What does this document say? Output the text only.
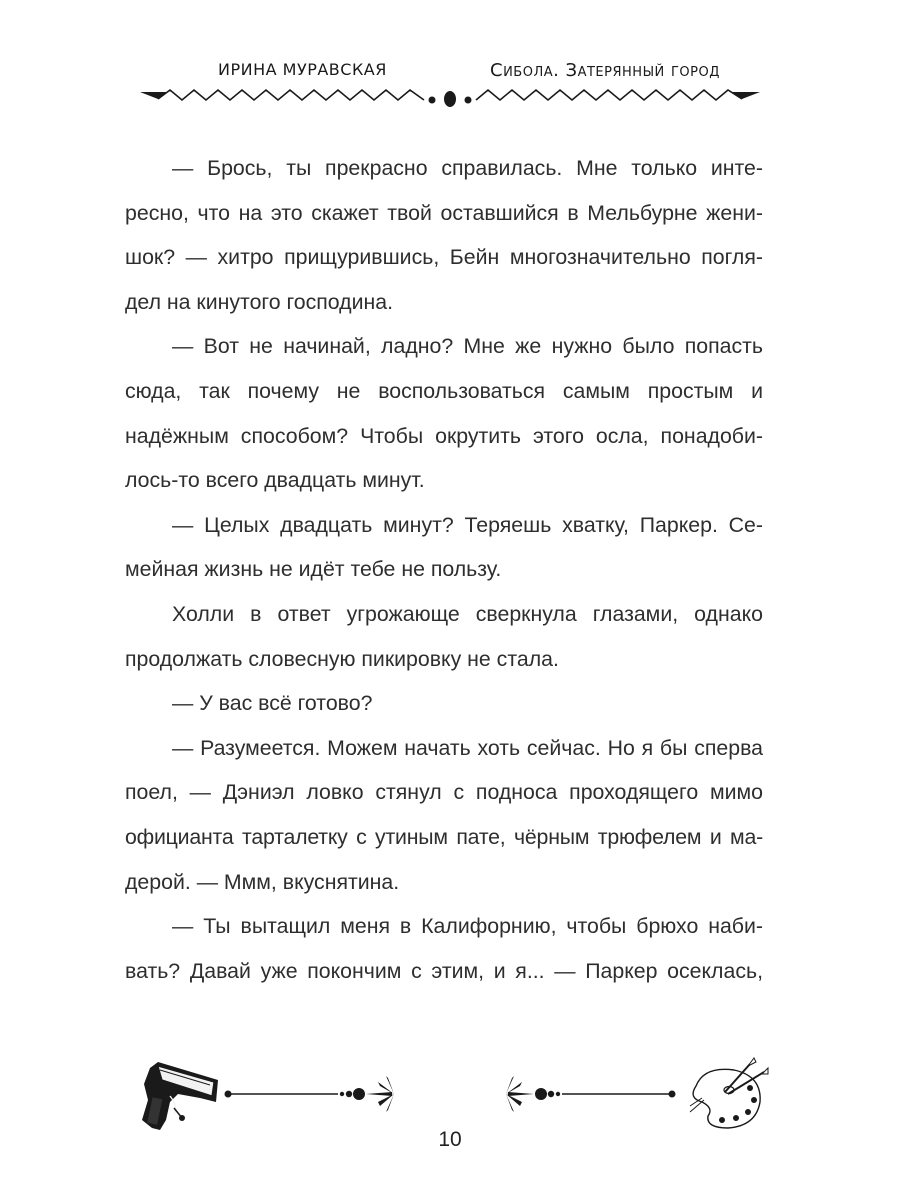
ИРИНА МУРАВСКАЯ	Сибола. Затерянный город
— Брось, ты прекрасно справилась. Мне только инте-
ресно, что на это скажет твой оставшийся в Мельбурне жени-
шок? — хитро прищурившись, Бейн многозначительно погля-
дел на кинутого господина.
— Вот не начинай, ладно? Мне же нужно было попасть
сюда, так почему не воспользоваться самым простым и
надёжным способом? Чтобы окрутить этого осла, понадоби-
лось-то всего двадцать минут.
— Целых двадцать минут? Теряешь хватку, Паркер. Се-
мейная жизнь не идёт тебе не пользу.
Холли в ответ угрожающе сверкнула глазами, однако
продолжать словесную пикировку не стала.
— У вас всё готово?
— Разумеется. Можем начать хоть сейчас. Но я бы сперва
поел, — Дэниэл ловко стянул с подноса проходящего мимо
официанта тарталетку с утиным пате, чёрным трюфелем и ма-
дерой. — Ммм, вкуснятина.
— Ты вытащил меня в Калифорнию, чтобы брюхо наби-
вать? Давай уже покончим с этим, и я... — Паркер осеклась,
10
